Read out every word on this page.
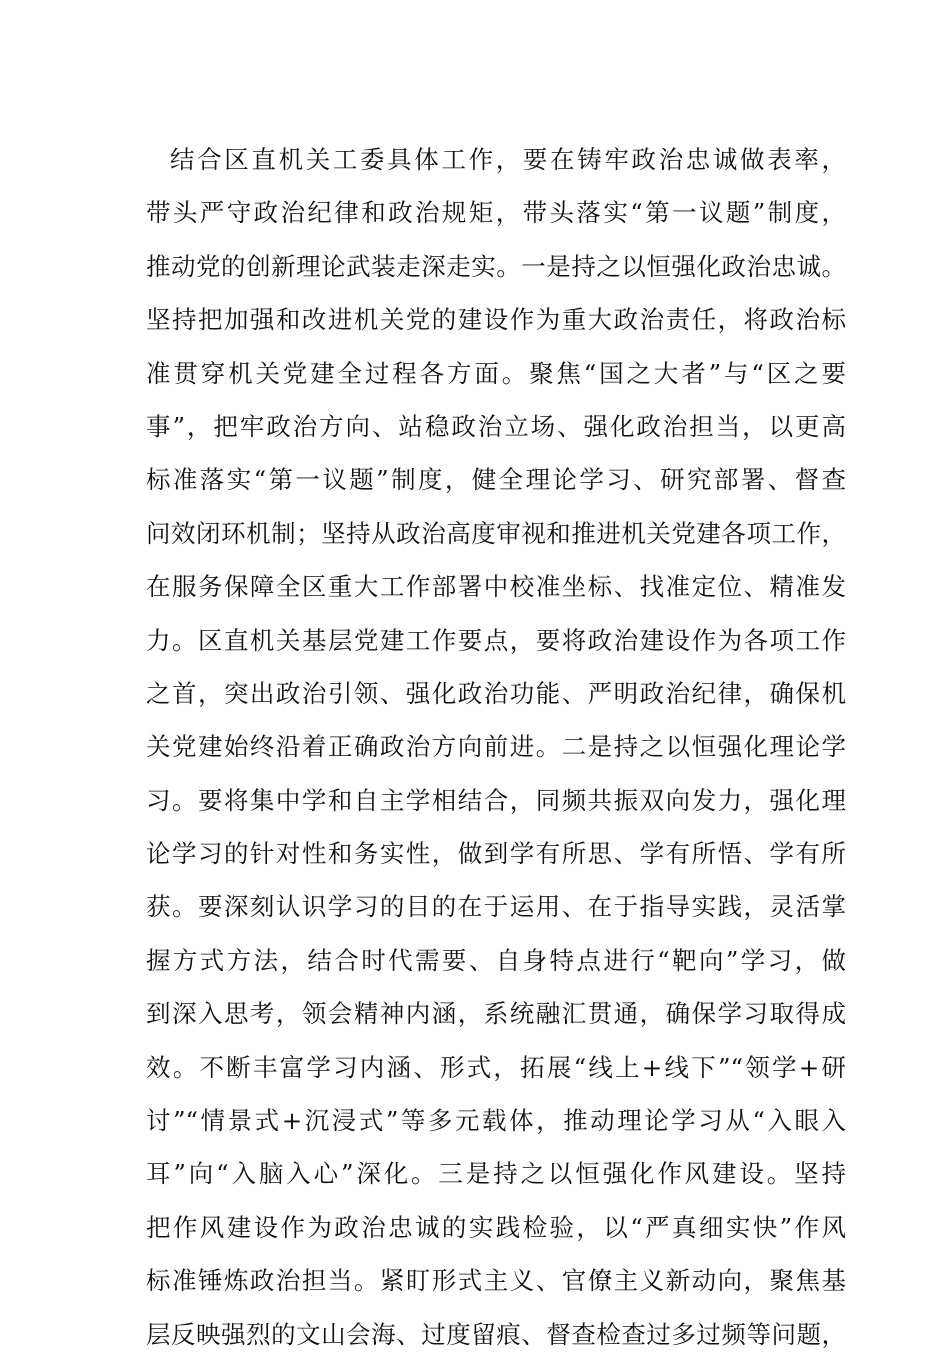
结合区直机关工委具体工作，要在铸牢政治忠诚做表率，
带头严守政治纪律和政治规矩，带头落实“第一议题”制度，
推动党的创新理论武装走深走实。一是持之以恒强化政治忠诚。
坚持把加强和改进机关党的建设作为重大政治责任，将政治标
准贯穿机关党建全过程各方面。聚焦“国之大者”与“区之要
事”，把牢政治方向、站稳政治立场、强化政治担当，以更高
标准落实“第一议题”制度，健全理论学习、研究部署、督查
问效闭环机制；坚持从政治高度审视和推进机关党建各项工作，
在服务保障全区重大工作部署中校准坐标、找准定位、精准发
力。区直机关基层党建工作要点，要将政治建设作为各项工作
之首，突出政治引领、强化政治功能、严明政治纪律，确保机
关党建始终沿着正确政治方向前进。二是持之以恒强化理论学
习。要将集中学和自主学相结合，同频共振双向发力，强化理
论学习的针对性和务实性，做到学有所思、学有所悟、学有所
获。要深刻认识学习的目的在于运用、在于指导实践，灵活掌
握方式方法，结合时代需要、自身特点进行“靶向”学习，做
到深入思考，领会精神内涵，系统融汇贯通，确保学习取得成
效。不断丰富学习内涵、形式，拓展“线上+线下”“领学+研
讨”“情景式+沉浸式”等多元载体，推动理论学习从“入眼入
耳”向“入脑入心”深化。三是持之以恒强化作风建设。坚持
把作风建设作为政治忠诚的实践检验，以“严真细实快”作风
标准锤炼政治担当。紧盯形式主义、官僚主义新动向，聚焦基
层反映强烈的文山会海、过度留痕、督查检查过多过频等问题，
